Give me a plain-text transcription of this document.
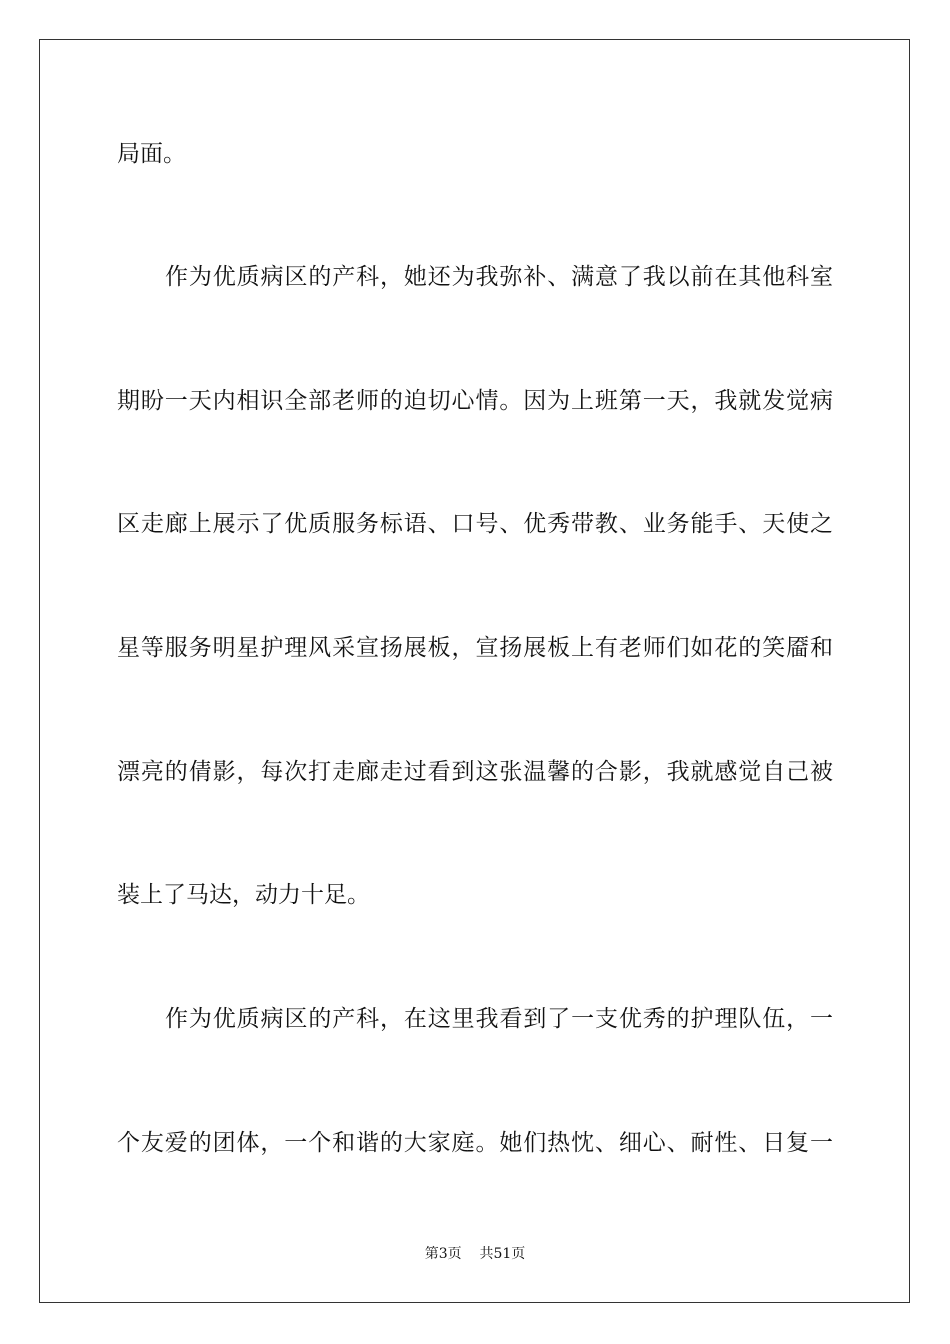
局面。
作为优质病区的产科，她还为我弥补、满意了我以前在其他科室
期盼一天内相识全部老师的迫切心情。因为上班第一天，我就发觉病
区走廊上展示了优质服务标语、口号、优秀带教、业务能手、天使之
星等服务明星护理风采宣扬展板，宣扬展板上有老师们如花的笑靥和
漂亮的倩影，每次打走廊走过看到这张温馨的合影，我就感觉自己被
装上了马达，动力十足。
作为优质病区的产科，在这里我看到了一支优秀的护理队伍，一
个友爱的团体，一个和谐的大家庭。她们热忱、细心、耐性、日复一
第3页 共51页
